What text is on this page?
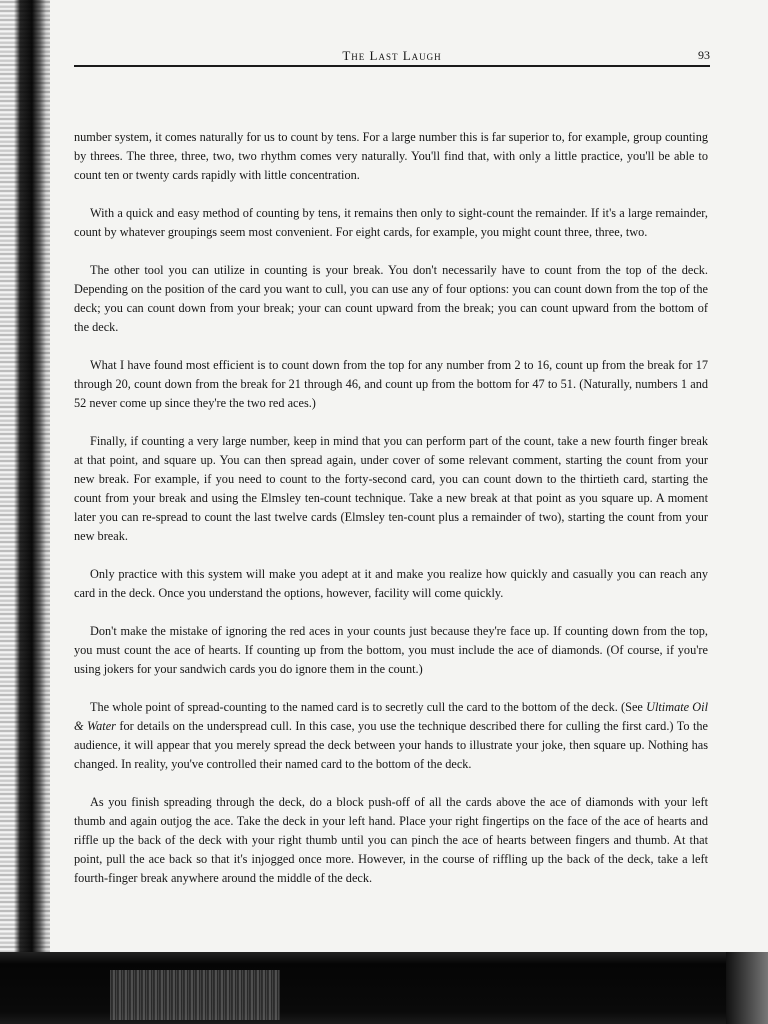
The Last Laugh	93

number system, it comes naturally for us to count by tens. For a large number this is far superior to, for example, group counting by threes. The three, three, two, two rhythm comes very naturally. You'll find that, with only a little practice, you'll be able to count ten or twenty cards rapidly with little concentration.

With a quick and easy method of counting by tens, it remains then only to sight-count the remainder. If it's a large remainder, count by whatever groupings seem most convenient. For eight cards, for example, you might count three, three, two.

The other tool you can utilize in counting is your break. You don't necessarily have to count from the top of the deck. Depending on the position of the card you want to cull, you can use any of four options: you can count down from the top of the deck; you can count down from your break; your can count upward from the break; you can count upward from the bottom of the deck.

What I have found most efficient is to count down from the top for any number from 2 to 16, count up from the break for 17 through 20, count down from the break for 21 through 46, and count up from the bottom for 47 to 51. (Naturally, numbers 1 and 52 never come up since they're the two red aces.)

Finally, if counting a very large number, keep in mind that you can perform part of the count, take a new fourth finger break at that point, and square up. You can then spread again, under cover of some relevant comment, starting the count from your new break. For example, if you need to count to the forty-second card, you can count down to the thirtieth card, starting the count from your break and using the Elmsley ten-count technique. Take a new break at that point as you square up. A moment later you can re-spread to count the last twelve cards (Elmsley ten-count plus a remainder of two), starting the count from your new break.

Only practice with this system will make you adept at it and make you realize how quickly and casually you can reach any card in the deck. Once you understand the options, however, facility will come quickly.

Don't make the mistake of ignoring the red aces in your counts just because they're face up. If counting down from the top, you must count the ace of hearts. If counting up from the bottom, you must include the ace of diamonds. (Of course, if you're using jokers for your sandwich cards you do ignore them in the count.)

The whole point of spread-counting to the named card is to secretly cull the card to the bottom of the deck. (See Ultimate Oil & Water for details on the underspread cull. In this case, you use the technique described there for culling the first card.) To the audience, it will appear that you merely spread the deck between your hands to illustrate your joke, then square up. Nothing has changed. In reality, you've controlled their named card to the bottom of the deck.

As you finish spreading through the deck, do a block push-off of all the cards above the ace of diamonds with your left thumb and again outjog the ace. Take the deck in your left hand. Place your right fingertips on the face of the ace of hearts and riffle up the back of the deck with your right thumb until you can pinch the ace of hearts between fingers and thumb. At that point, pull the ace back so that it's injogged once more. However, in the course of riffling up the back of the deck, take a left fourth-finger break anywhere around the middle of the deck.
